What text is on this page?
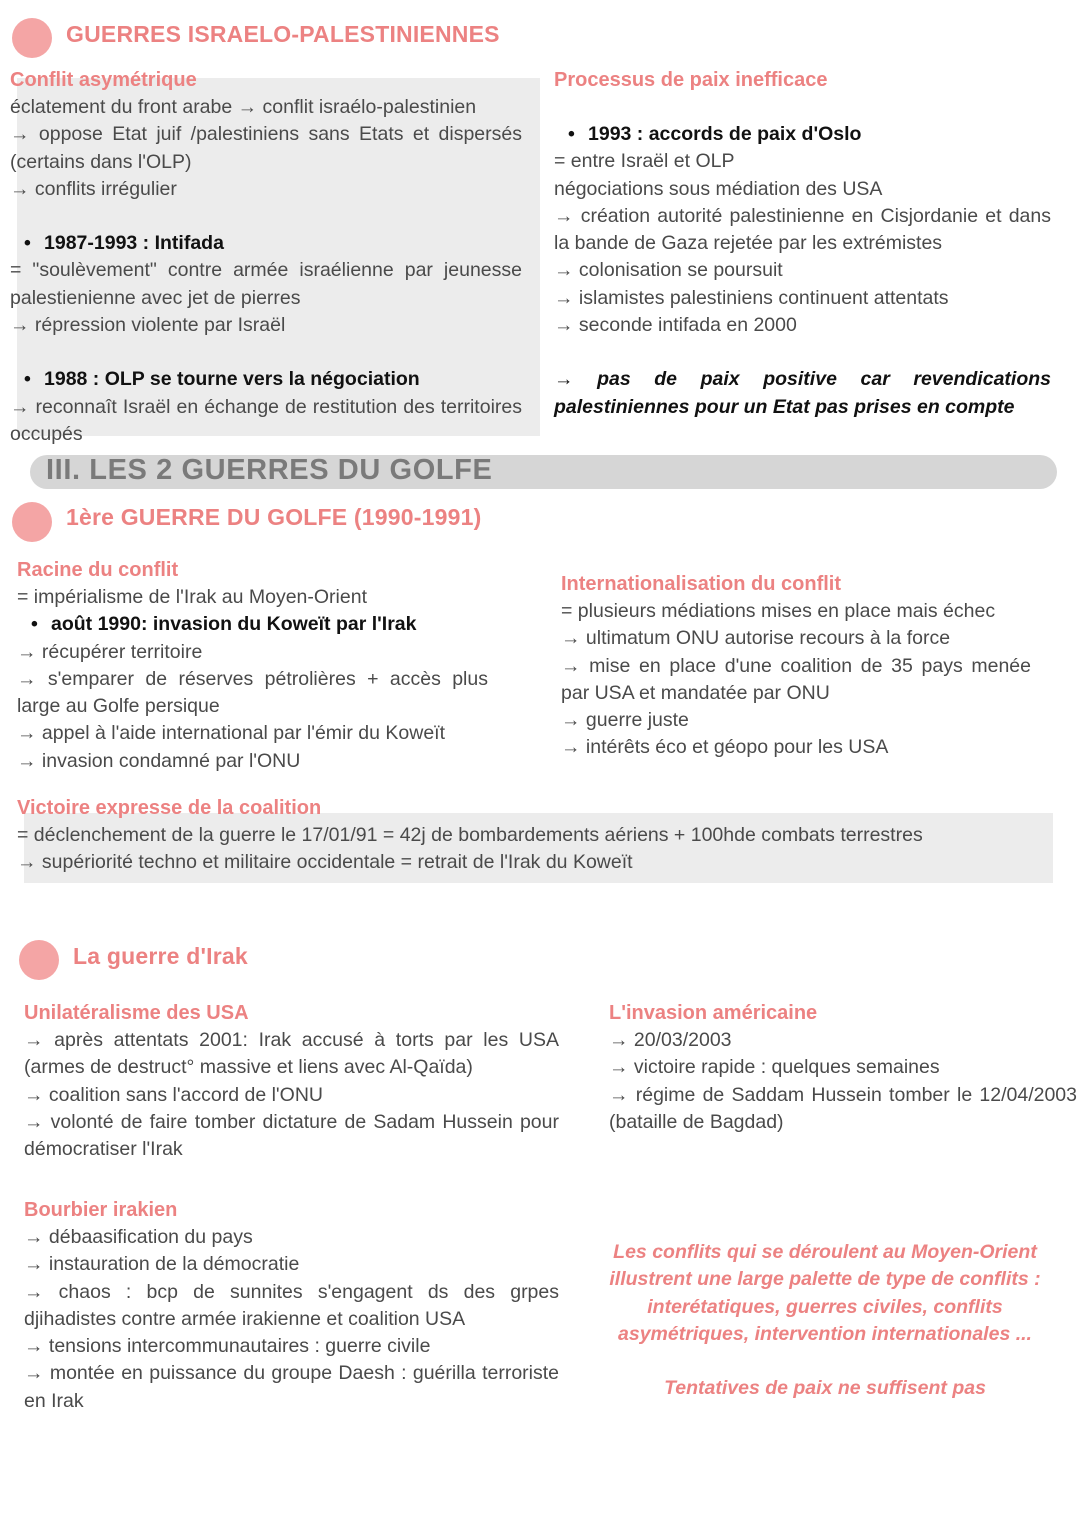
GUERRES ISRAELO-PALESTINIENNES

Conflit asymétrique

éclatement du front arabe → conflit israélo-palestinien

→ oppose Etat juif /palestiniens sans Etats et dispersés (certains dans l'OLP)

→ conflits irrégulier

• 1987-1993 : Intifada

= "soulèvement" contre armée israélienne par jeunesse palestienienne avec jet de pierres

→ répression violente par Israël

• 1988 : OLP se tourne vers la négociation

→ reconnaît Israël en échange de restitution des territoires occupés

Processus de paix inefficace

• 1993 : accords de paix d'Oslo

= entre Israël et OLP

négociations sous médiation des USA

→ création autorité palestinienne en Cisjordanie et dans la bande de Gaza rejetée par les extrémistes

→ colonisation se poursuit

→ islamistes palestiniens continuent attentats

→ seconde intifada en 2000

→ pas de paix positive car revendications palestiniennes pour un Etat pas prises en compte

III. LES 2 GUERRES DU GOLFE
1ère GUERRE DU GOLFE (1990-1991)

Racine du conflit

= impérialisme de l'Irak au Moyen-Orient

• août 1990: invasion du Koweït par l'Irak

→ récupérer territoire

→ s'emparer de réserves pétrolières + accès plus large au Golfe persique

→ appel à l'aide international par l'émir du Koweït

→ invasion condamné par l'ONU

Internationalisation du conflit

= plusieurs médiations mises en place mais échec

→ ultimatum ONU autorise recours à la force

→ mise en place d'une coalition de 35 pays menée par USA et mandatée par ONU

→ guerre juste

→ intérêts éco et géopo pour les USA

Victoire expresse de la coalition

= déclenchement de la guerre le 17/01/91 = 42j de bombardements aériens + 100hde combats terrestres

→ supériorité techno et militaire occidentale = retrait de l'Irak du Koweït

La guerre d'Irak

Unilatéralisme des USA

→ après attentats 2001: Irak accusé à torts par les USA (armes de destruct° massive et liens avec Al-Qaïda)

→ coalition sans l'accord de l'ONU

→ volonté de faire tomber dictature de Sadam Hussein pour démocratiser l'Irak

L'invasion américaine

→ 20/03/2003

→ victoire rapide : quelques semaines

→ régime de Saddam Hussein tomber le 12/04/2003 (bataille de Bagdad)

Bourbier irakien

→ débaasification du pays

→ instauration de la démocratie

→ chaos : bcp de sunnites s'engagent ds des grpes djihadistes contre armée irakienne et coalition USA

→ tensions intercommunautaires : guerre civile

→ montée en puissance du groupe Daesh : guérilla terroriste en Irak

Les conflits qui se déroulent au Moyen-Orient illustrent une large palette de type de conflits : interétatiques, guerres civiles, conflits asymétriques, intervention internationales ...

Tentatives de paix ne suffisent pas
